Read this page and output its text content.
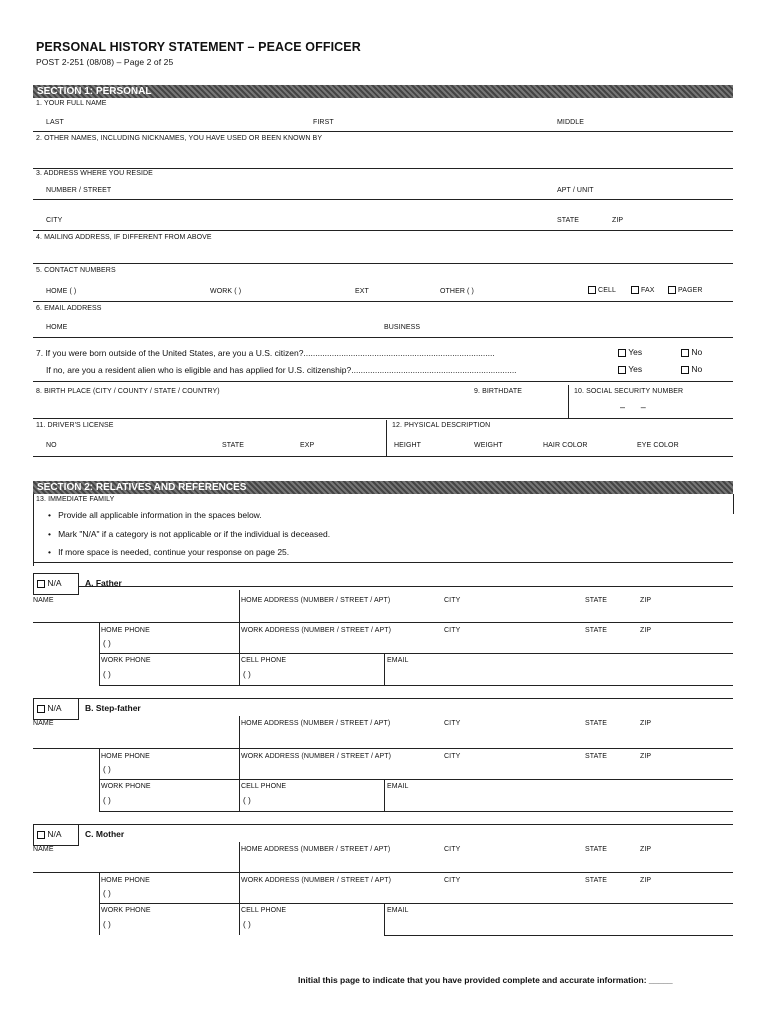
PERSONAL HISTORY STATEMENT – PEACE OFFICER
POST 2-251 (08/08) – Page 2 of 25
SECTION 1: PERSONAL
1. YOUR FULL NAME
LAST	FIRST	MIDDLE
2. OTHER NAMES, INCLUDING NICKNAMES, YOU HAVE USED OR BEEN KNOWN BY
3. ADDRESS WHERE YOU RESIDE
NUMBER / STREET	APT / UNIT
CITY	STATE	ZIP
4. MAILING ADDRESS, IF DIFFERENT FROM ABOVE
5. CONTACT NUMBERS
HOME ( )	WORK ( )	EXT	OTHER ( )	CELL	FAX	PAGER
6. EMAIL ADDRESS
HOME	BUSINESS
7. If you were born outside of the United States, are you a U.S. citizen?.................................................................................	Yes	No
If no, are you a resident alien who is eligible and has applied for U.S. citizenship?......................................................................	Yes	No
8. BIRTH PLACE (CITY / COUNTY / STATE / COUNTRY)	9. BIRTHDATE	10. SOCIAL SECURITY NUMBER
–      –
11. DRIVER'S LICENSE	12. PHYSICAL DESCRIPTION
NO	STATE	EXP	HEIGHT	WEIGHT	HAIR COLOR	EYE COLOR
SECTION 2: RELATIVES AND REFERENCES
13. IMMEDIATE FAMILY
•   Provide all applicable information in the spaces below.
•   Mark "N/A" if a category is not applicable or if the individual is deceased.
•   If more space is needed, continue your response on page 25.
N/A	A. Father
NAME	HOME ADDRESS (NUMBER / STREET / APT)	CITY	STATE	ZIP
HOME PHONE	WORK ADDRESS (NUMBER / STREET / APT)	CITY	STATE	ZIP
( )
WORK PHONE	CELL PHONE	EMAIL
( )	( )
N/A	B. Step-father
NAME	HOME ADDRESS (NUMBER / STREET / APT)	CITY	STATE	ZIP
HOME PHONE	WORK ADDRESS (NUMBER / STREET / APT)	CITY	STATE	ZIP
( )
WORK PHONE	CELL PHONE	EMAIL
( )	( )
N/A	C. Mother
NAME	HOME ADDRESS (NUMBER / STREET / APT)	CITY	STATE	ZIP
HOME PHONE	WORK ADDRESS (NUMBER / STREET / APT)	CITY	STATE	ZIP
( )
WORK PHONE	CELL PHONE	EMAIL
( )	( )
Initial this page to indicate that you have provided complete and accurate information: _____
